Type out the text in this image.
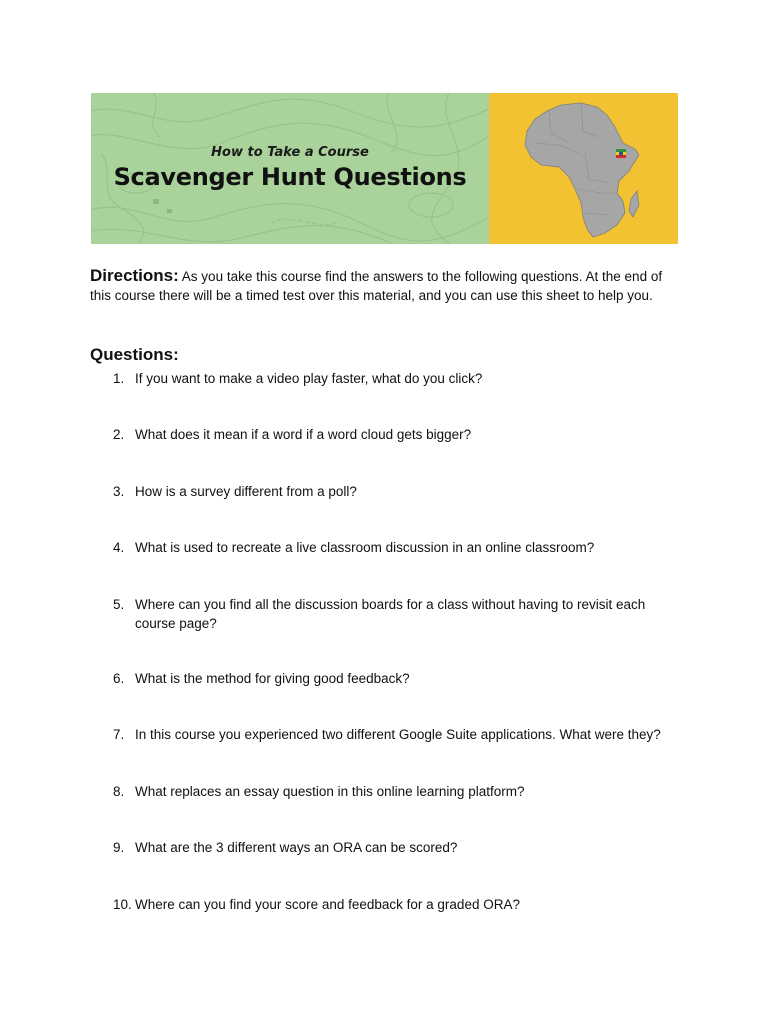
How to Take a Course
Scavenger Hunt Questions
Directions: As you take this course find the answers to the following questions. At the end of this course there will be a timed test over this material, and you can use this sheet to help you.
Questions:
1. If you want to make a video play faster, what do you click?
2. What does it mean if a word if a word cloud gets bigger?
3. How is a survey different from a poll?
4. What is used to recreate a live classroom discussion in an online classroom?
5. Where can you find all the discussion boards for a class without having to revisit each course page?
6. What is the method for giving good feedback?
7. In this course you experienced two different Google Suite applications. What were they?
8. What replaces an essay question in this online learning platform?
9. What are the 3 different ways an ORA can be scored?
10. Where can you find your score and feedback for a graded ORA?
